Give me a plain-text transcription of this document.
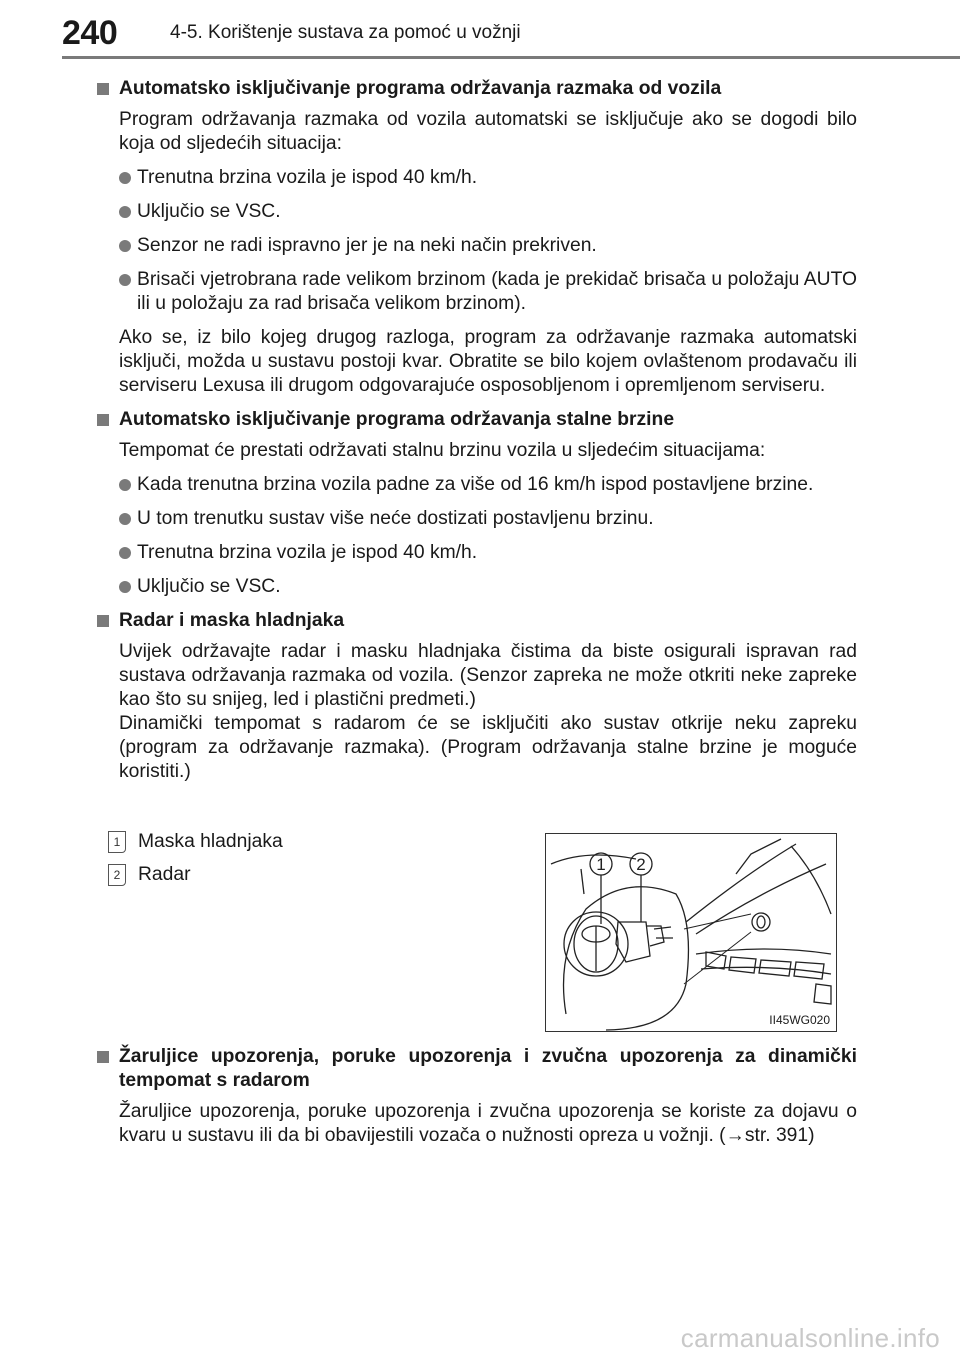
240	4-5. Korištenje sustava za pomoć u vožnji
Automatsko isključivanje programa održavanja razmaka od vozila

Program održavanja razmaka od vozila automatski se isključuje ako se dogodi bilo koja od sljedećih situacija:

Trenutna brzina vozila je ispod 40 km/h.
Uključio se VSC.
Senzor ne radi ispravno jer je na neki način prekriven.
Brisači vjetrobrana rade velikom brzinom (kada je prekidač brisača u položaju AUTO ili u položaju za rad brisača velikom brzinom).

Ako se, iz bilo kojeg drugog razloga, program za održavanje razmaka automatski isključi, možda u sustavu postoji kvar. Obratite se bilo kojem ovlaštenom prodavaču ili serviseru Lexusa ili drugom odgovarajuće osposobljenom i opremljenom serviseru.

Automatsko isključivanje programa održavanja stalne brzine

Tempomat će prestati održavati stalnu brzinu vozila u sljedećim situacijama:

Kada trenutna brzina vozila padne za više od 16 km/h ispod postavljene brzine.
U tom trenutku sustav više neće dostizati postavljenu brzinu.
Trenutna brzina vozila je ispod 40 km/h.
Uključio se VSC.
Radar i maska hladnjaka

Uvijek održavajte radar i masku hladnjaka čistima da biste osigurali ispravan rad sustava održavanja razmaka od vozila. (Senzor zapreka ne može otkriti neke zapreke kao što su snijeg, led i plastični predmeti.)

Dinamički tempomat s radarom će se isključiti ako sustav otkrije neku zapreku (program za održavanje razmaka). (Program održavanja stalne brzine je moguće koristiti.)

1 Maska hladnjaka
2 Radar	1 2
II45WG020
Žaruljice upozorenja, poruke upozorenja i zvučna upozorenja za dinamički tempomat s radarom

Žaruljice upozorenja, poruke upozorenja i zvučna upozorenja se koriste za dojavu o kvaru u sustavu ili da bi obavijestili vozača o nužnosti opreza u vožnji. (→str. 391)

carmanualsonline.info
